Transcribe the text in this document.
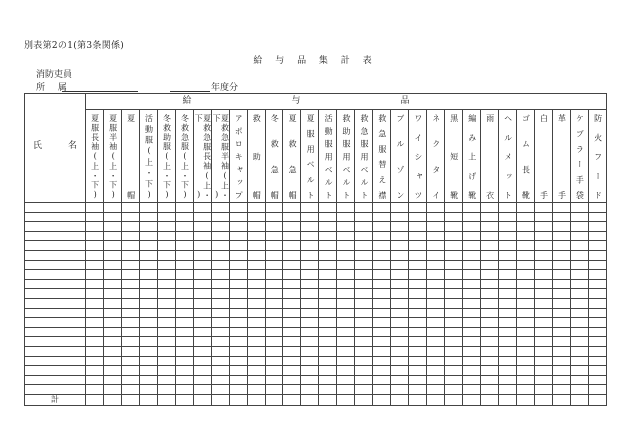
別表第2の1(第3条関係)
給 与 品 集 計 表
消防吏員
所 属	年度分
氏 名	給与品																												

	夏服長袖(上・下)	夏服半袖(上・下)	夏帽	活動服(上・下)	冬救助服(上・下)	冬救急服(上・下)	夏救急服長袖(上・下)	夏救急服半袖(上・下)	アポロキャップ	救助帽	冬救急帽	夏救急帽	夏服用ベルト	活動服用ベルト	救助服用ベルト	救急服用ベルト	救急服替え襟	ブルゾン	ワイシャツ	ネクタイ	黒短靴	編み上げ靴	雨衣	ヘルメット	ゴム長靴	白手	革手	ケブラー手袋	防火フード

計																													
